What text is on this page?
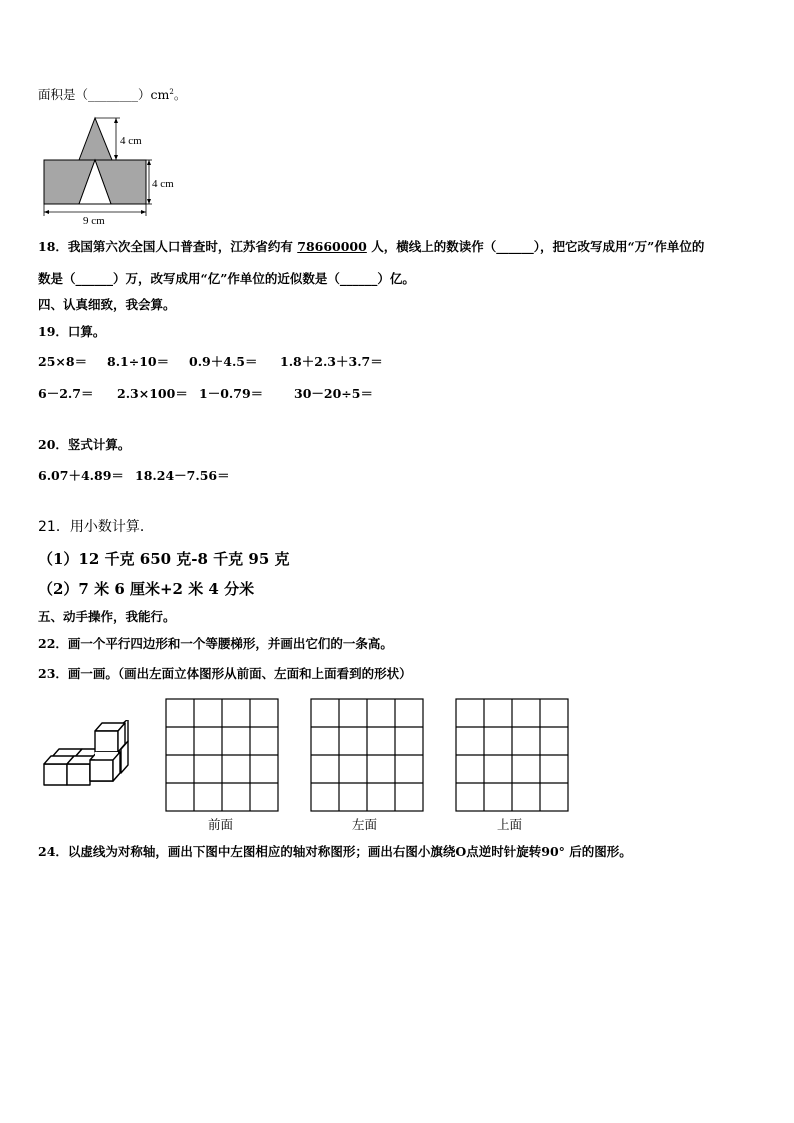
面积是$(\_\_\_\_\_\_\_\_)cm^2$。
4 cm
4 cm
9 cm
18．我国第六次全国人口普查时，江苏省约有 78660000 人，横线上的数读作（______），把它改写成用“万”作单位的
数是（______）万，改写成用“亿”作单位的近似数是（______）亿。
四、认真细致，我会算。
19．口算。
25×8＝ 8.1÷10＝ 0.9＋4.5＝ 1.8＋2.3＋3.7＝
6－2.7＝ 2.3×100＝ 1－0.79＝ 30－20÷5＝
20．竖式计算。
6.07＋4.89＝ 18.24－7.56＝
21．用小数计算．
（1）12 千克 650 克-8 千克 95 克
（2）7 米 6 厘米+2 米 4 分米
五、动手操作，我能行。
22．画一个平行四边形和一个等腰梯形，并画出它们的一条高。
23．画一画。（画出左面立体图形从前面、左面和上面看到的形状）
前面	左面	上面
24．以虚线为对称轴，画出下图中左图相应的轴对称图形；画出右图小旗绕O点逆时针旋转90° 后的图形。
